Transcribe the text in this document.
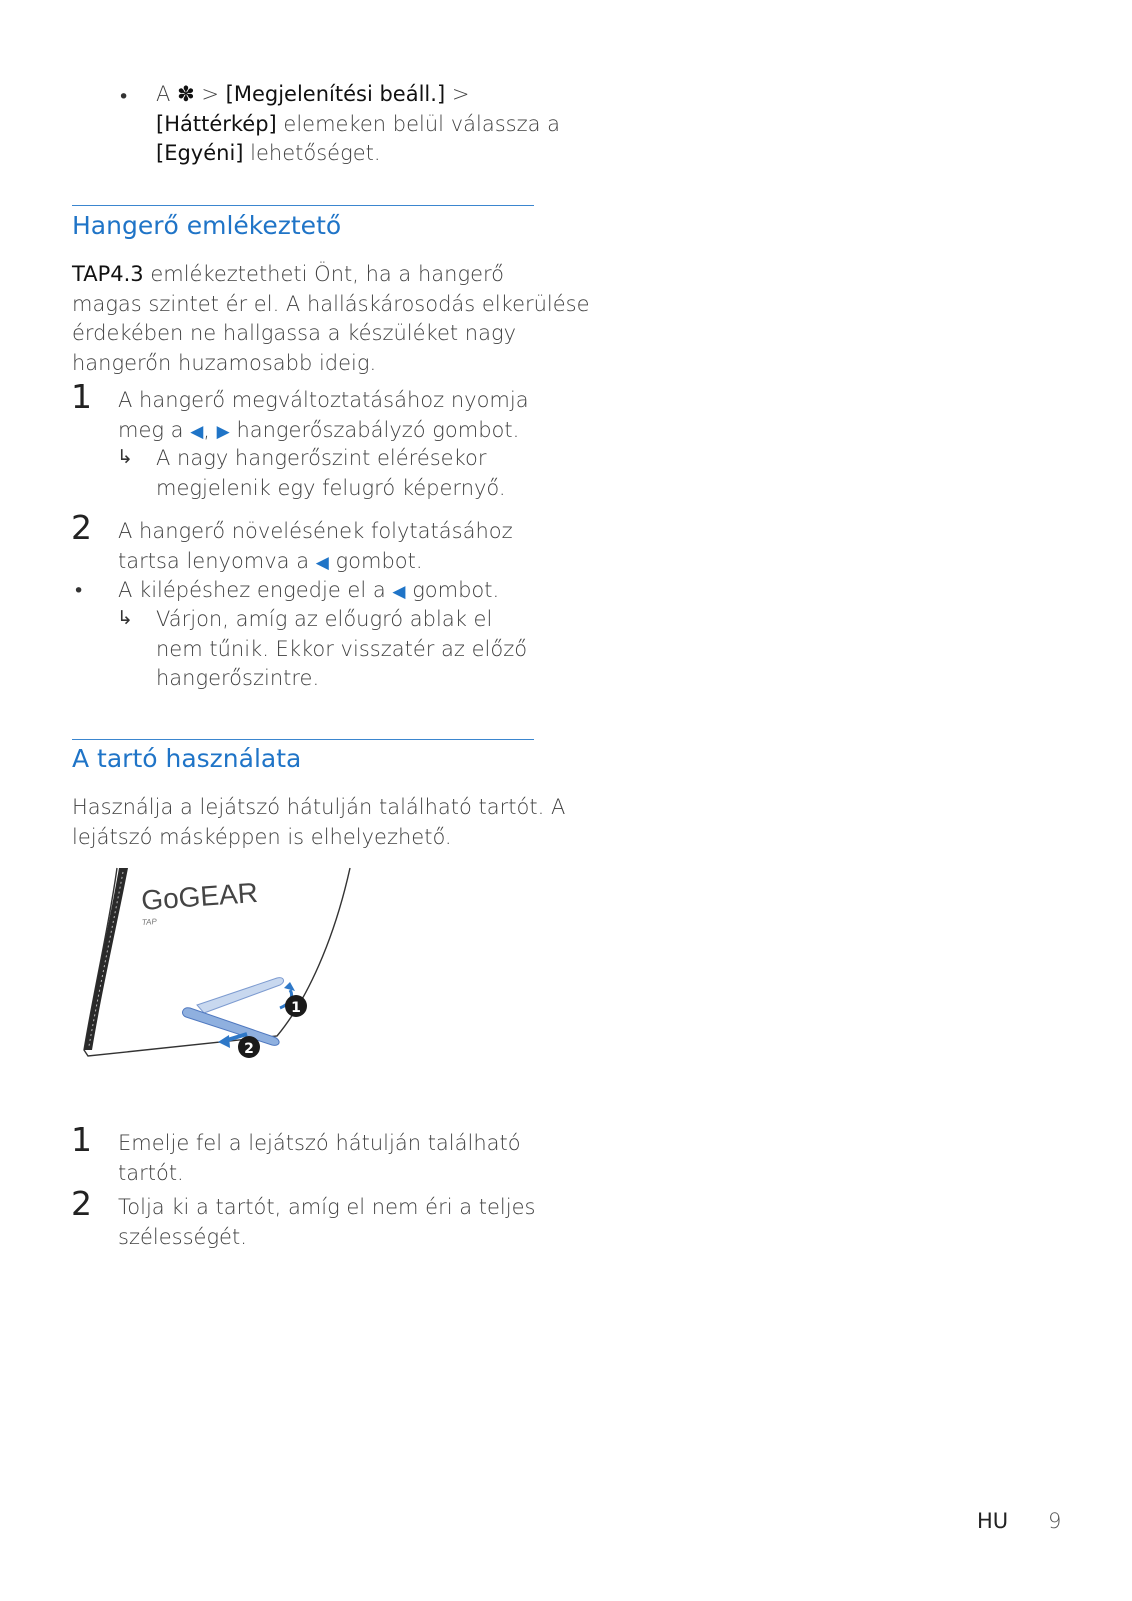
• A ✽ > [Megjelenítési beáll.] >
[Háttérkép] elemeken belül válassza a
[Egyéni] lehetőséget.
Hangerő emlékeztető
TAP4.3 emlékeztetheti Önt, ha a hangerő
magas szintet ér el. A halláskárosodás elkerülése
érdekében ne hallgassa a készüléket nagy
hangerőn huzamosabb ideig.
1 A hangerő megváltoztatásához nyomja
meg a ◀, ▶ hangerőszabályzó gombot.
↳ A nagy hangerőszint elérésekor
megjelenik egy felugró képernyő.
2 A hangerő növelésének folytatásához
tartsa lenyomva a ◀ gombot.
• A kilépéshez engedje el a ◀ gombot.
↳ Várjon, amíg az előugró ablak el
nem tűnik. Ekkor visszatér az előző
hangerőszintre.
A tartó használata
Használja a lejátszó hátulján található tartót. A
lejátszó másképpen is elhelyezhető.
GoGEAR
TAP
1
2
1 Emelje fel a lejátszó hátulján található
tartót.
2 Tolja ki a tartót, amíg el nem éri a teljes
szélességét.
HU 9
